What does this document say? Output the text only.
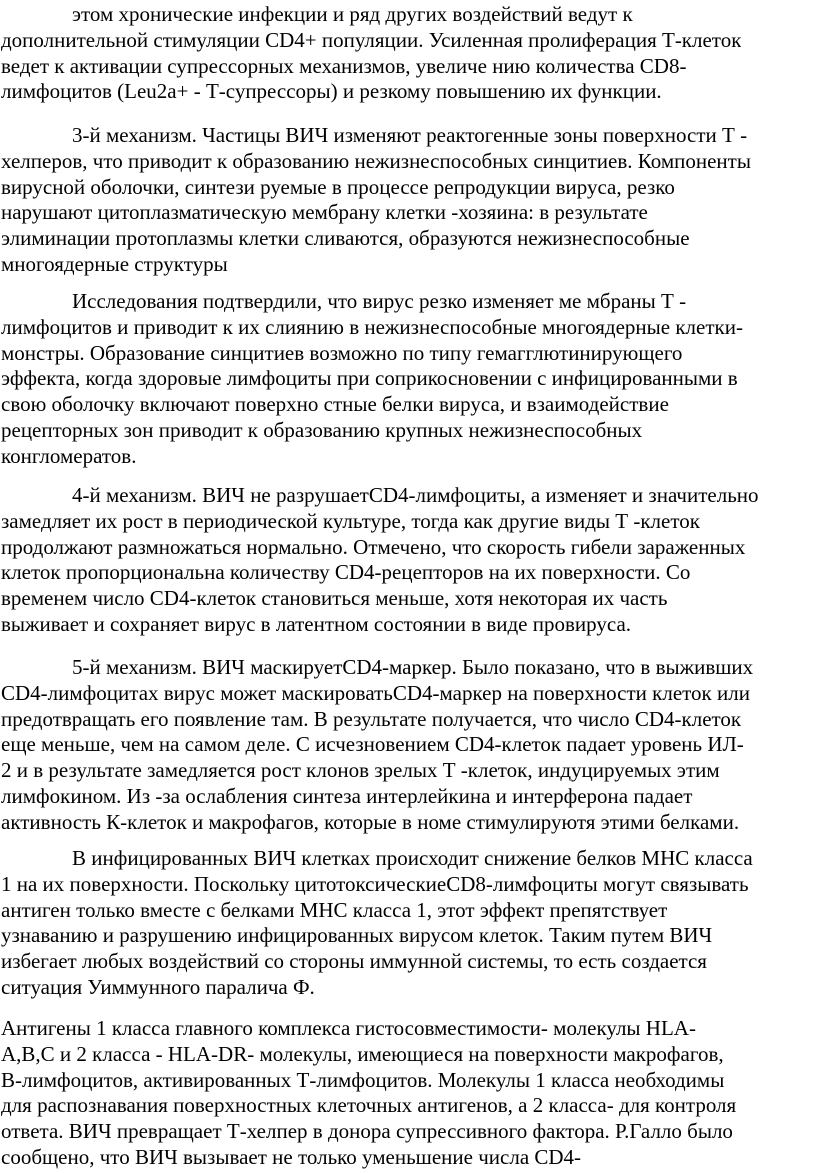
этом хронические инфекции и ряд других воздействий ведут к
дополнительной стимуляции CD4+ популяции. Усиленная пролиферация Т-клеток
ведет к активации супрессорных механизмов, увеличе нию количества CD8-
лимфоцитов (Leu2a+ - Т-супрессоры) и резкому повышению их функции.

3-й механизм. Частицы ВИЧ изменяют реактогенные зоны поверхности Т -
хелперов, что приводит к образованию нежизнеспособных синцитиев. Компоненты
вирусной оболочки, синтези руемые в процессе репродукции вируса, резко
нарушают цитоплазматическую мембрану клетки -хозяина: в результате
элиминации протоплазмы клетки сливаются, образуются нежизнеспособные
многоядерные структуры

Исследования подтвердили, что вирус резко изменяет ме мбраны Т -
лимфоцитов и приводит к их слиянию в нежизнеспособные многоядерные клетки-
монстры. Образование синцитиев возможно по типу гемагглютинирующего
эффекта, когда здоровые лимфоциты при соприкосновении с инфицированными в
свою оболочку включают поверхно стные белки вируса, и взаимодействие
рецепторных зон приводит к образованию крупных нежизнеспособных
конгломератов.

4-й механизм. ВИЧ не разрушаетCD4-лимфоциты, а изменяет и значительно
замедляет их рост в периодической культуре, тогда как другие виды Т -клеток
продолжают размножаться нормально. Отмечено, что скорость гибели зараженных
клеток пропорциональна количеству CD4-рецепторов на их поверхности. Со
временем число CD4-клеток становиться меньше, хотя некоторая их часть
выживает и сохраняет вирус в латентном состоянии в виде провируса.

5-й механизм. ВИЧ маскируетCD4-маркер. Было показано, что в выживших
CD4-лимфоцитах вирус может маскироватьCD4-маркер на поверхности клеток или
предотвращать его появление там. В результате получается, что число CD4-клеток
еще меньше, чем на самом деле. С исчезновением CD4-клеток падает уровень ИЛ-
2 и в результате замедляется рост клонов зрелых Т -клеток, индуцируемых этим
лимфокином. Из -за ослабления синтеза интерлейкина и интерферона падает
активность К-клеток и макрофагов, которые в номе стимулируютя этими белками.

В инфицированных ВИЧ клетках происходит снижение белков МНС класса
1 на их поверхности. Поскольку цитотоксическиеCD8-лимфоциты могут связывать
антиген только вместе с белками МНС класса 1, этот эффект препятствует
узнаванию и разрушению инфицированных вирусом клеток. Таким путем ВИЧ
избегает любых воздействий со стороны иммунной системы, то есть создается
ситуация Уиммунного паралича Ф.

Антигены 1 класса главного комплекса гистосовместимости- молекулы HLA-
A,B,C и 2 класса - HLA-DR- молекулы, имеющиеся на поверхности макрофагов,
В-лимфоцитов, активированных Т-лимфоцитов. Молекулы 1 класса необходимы
для распознавания поверхностных клеточных антигенов, а 2 класса- для контроля
ответа. ВИЧ превращает Т-хелпер в донора супрессивного фактора. Р.Галло было
сообщено, что ВИЧ вызывает не только уменьшение числа CD4-
